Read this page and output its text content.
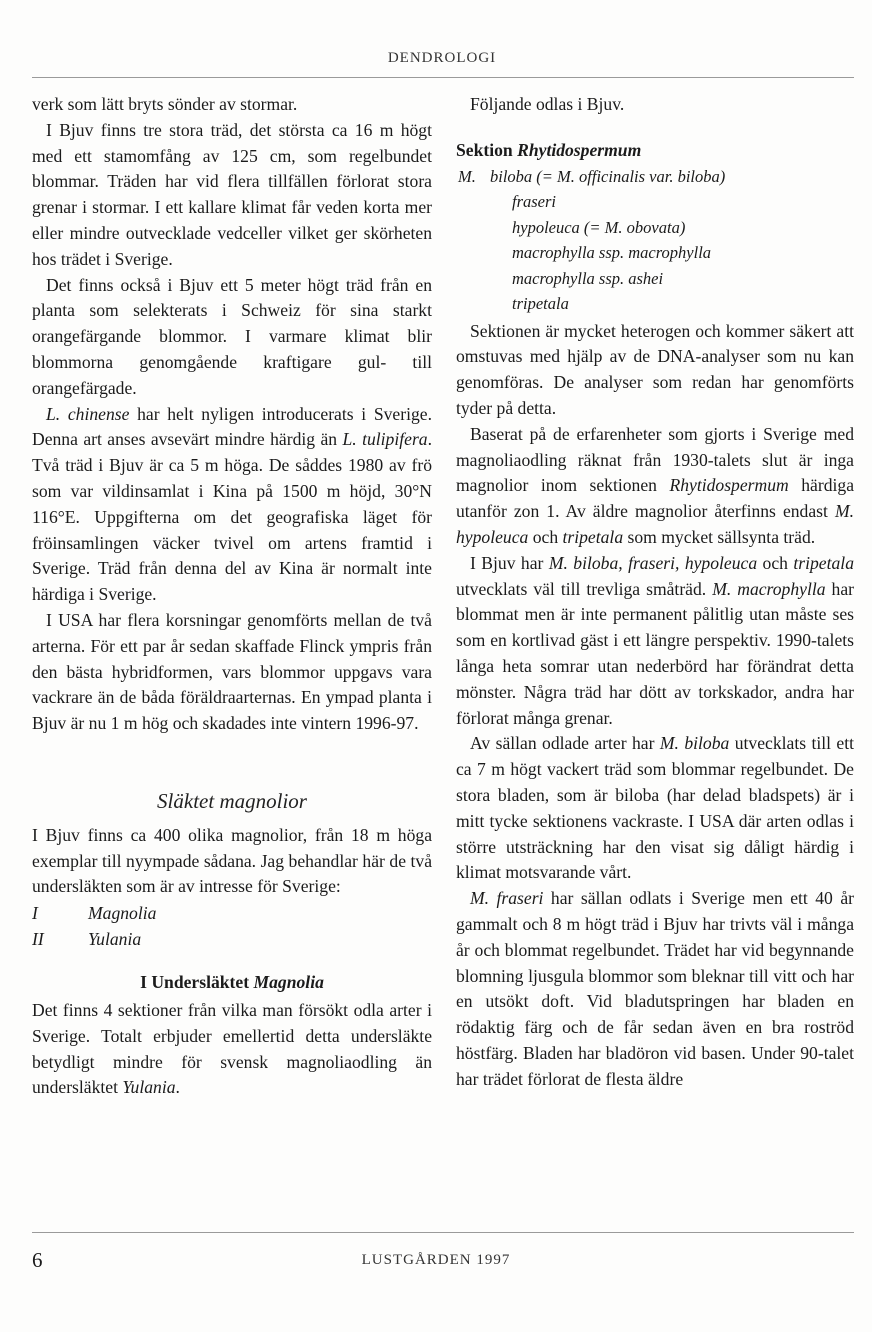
DENDROLOGI

verk som lätt bryts sönder av stormar.

I Bjuv finns tre stora träd, det största ca 16 m högt med ett stamomfång av 125 cm, som regelbundet blommar. Träden har vid flera tillfällen förlorat stora grenar i stormar. I ett kallare klimat får veden korta mer eller mindre outvecklade vedceller vilket ger skörheten hos trädet i Sverige.

Det finns också i Bjuv ett 5 meter högt träd från en planta som selekterats i Schweiz för sina starkt orangefärgande blommor. I varmare klimat blir blommorna genomgående kraftigare gul- till orangefärgade.

L. chinense har helt nyligen introducerats i Sverige. Denna art anses avsevärt mindre härdig än L. tulipifera. Två träd i Bjuv är ca 5 m höga. De såddes 1980 av frö som var vildinsamlat i Kina på 1500 m höjd, 30°N 116°E. Uppgifterna om det geografiska läget för fröinsamlingen väcker tvivel om artens framtid i Sverige. Träd från denna del av Kina är normalt inte härdiga i Sverige.

I USA har flera korsningar genomförts mellan de två arterna. För ett par år sedan skaffade Flinck ympris från den bästa hybridformen, vars blommor uppgavs vara vackrare än de båda föräldraarternas. En ympad planta i Bjuv är nu 1 m hög och skadades inte vintern 1996-97.

Släktet magnolior

I Bjuv finns ca 400 olika magnolior, från 18 m höga exemplar till nyympade sådana. Jag behandlar här de två undersläkten som är av intresse för Sverige:

I	Magnolia
II	Yulania
I Undersläktet Magnolia

Det finns 4 sektioner från vilka man försökt odla arter i Sverige. Totalt erbjuder emellertid detta undersläkte betydligt mindre för svensk magnoliaodling än undersläktet Yulania.

Följande odlas i Bjuv.

Sektion Rhytidospermum
M. biloba (= M. officinalis var. biloba)
fraseri
hypoleuca (= M. obovata)
macrophylla ssp. macrophylla
macrophylla ssp. ashei
tripetala

Sektionen är mycket heterogen och kommer säkert att omstuvas med hjälp av de DNA-analyser som nu kan genomföras. De analyser som redan har genomförts tyder på detta.

Baserat på de erfarenheter som gjorts i Sverige med magnoliaodling räknat från 1930-talets slut är inga magnolior inom sektionen Rhytidospermum härdiga utanför zon 1. Av äldre magnolior återfinns endast M. hypoleuca och tripetala som mycket sällsynta träd.

I Bjuv har M. biloba, fraseri, hypoleuca och tripetala utvecklats väl till trevliga småträd. M. macrophylla har blommat men är inte permanent pålitlig utan måste ses som en kortlivad gäst i ett längre perspektiv. 1990-talets långa heta somrar utan nederbörd har förändrat detta mönster. Några träd har dött av torkskador, andra har förlorat många grenar.

Av sällan odlade arter har M. biloba utvecklats till ett ca 7 m högt vackert träd som blommar regelbundet. De stora bladen, som är biloba (har delad bladspets) är i mitt tycke sektionens vackraste. I USA där arten odlas i större utsträckning har den visat sig dåligt härdig i klimat motsvarande vårt.

M. fraseri har sällan odlats i Sverige men ett 40 år gammalt och 8 m högt träd i Bjuv har trivts väl i många år och blommat regelbundet. Trädet har vid begynnande blomning ljusgula blommor som bleknar till vitt och har en utsökt doft. Vid bladutspringen har bladen en rödaktig färg och de får sedan även en bra roströd höstfärg. Bladen har bladöron vid basen. Under 90-talet har trädet förlorat de flesta äldre

6	LUSTGÅRDEN 1997
